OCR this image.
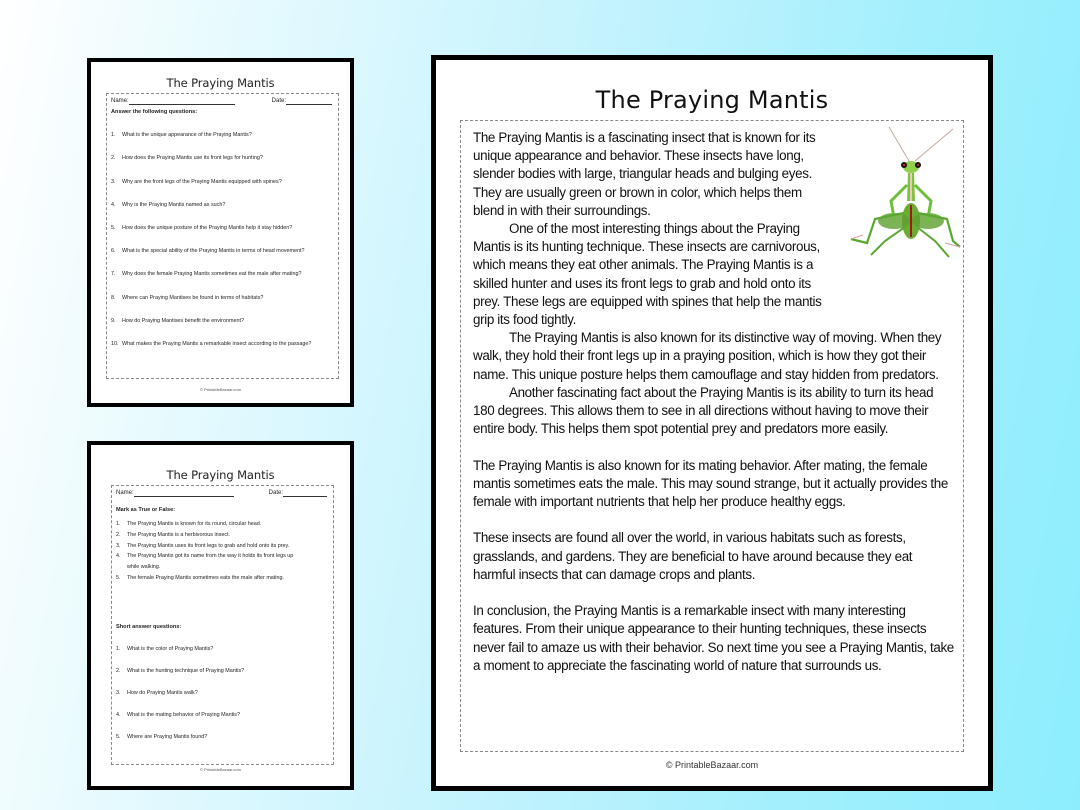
The Praying Mantis
Name:	Date:
Answer the following questions:
1. What is the unique appearance of the Praying Mantis?
2. How does the Praying Mantis use its front legs for hunting?
3. Why are the front legs of the Praying Mantis equipped with spines?
4. Why is the Praying Mantis named as such?
5. How does the unique posture of the Praying Mantis help it stay hidden?
6. What is the special ability of the Praying Mantis in terms of head movement?
7. Why does the female Praying Mantis sometimes eat the male after mating?
8. Where can Praying Mantises be found in terms of habitats?
9. How do Praying Mantises benefit the environment?
10. What makes the Praying Mantis a remarkable insect according to the passage?
© PrintableBazaar.com
The Praying Mantis
Name:	Date:
Mark as True or False:
1. The Praying Mantis is known for its round, circular head.
2. The Praying Mantis is a herbivorous insect.
3. The Praying Mantis uses its front legs to grab and hold onto its prey.
4. The Praying Mantis got its name from the way it holds its front legs up
while walking.
5. The female Praying Mantis sometimes eats the male after mating.
Short answer questions:
1. What is the color of Praying Mantis?
2. What is the hunting technique of Praying Mantis?
3. How do Praying Mantis walk?
4. What is the mating behavior of Praying Mantis?
5. Where are Praying Mantis found?
© PrintableBazaar.com
The Praying Mantis

The Praying Mantis is a fascinating insect that is known for its unique appearance and behavior. These insects have long, slender bodies with large, triangular heads and bulging eyes. They are usually green or brown in color, which helps them blend in with their surroundings.

One of the most interesting things about the Praying Mantis is its hunting technique. These insects are carnivorous, which means they eat other animals. The Praying Mantis is a skilled hunter and uses its front legs to grab and hold onto its prey. These legs are equipped with spines that help the mantis grip its food tightly.

The Praying Mantis is also known for its distinctive way of moving. When they walk, they hold their front legs up in a praying position, which is how they got their name. This unique posture helps them camouflage and stay hidden from predators.

Another fascinating fact about the Praying Mantis is its ability to turn its head 180 degrees. This allows them to see in all directions without having to move their entire body. This helps them spot potential prey and predators more easily.

The Praying Mantis is also known for its mating behavior. After mating, the female mantis sometimes eats the male. This may sound strange, but it actually provides the female with important nutrients that help her produce healthy eggs.

These insects are found all over the world, in various habitats such as forests, grasslands, and gardens. They are beneficial to have around because they eat harmful insects that can damage crops and plants.

In conclusion, the Praying Mantis is a remarkable insect with many interesting features. From their unique appearance to their hunting techniques, these insects never fail to amaze us with their behavior. So next time you see a Praying Mantis, take a moment to appreciate the fascinating world of nature that surrounds us.

© PrintableBazaar.com
